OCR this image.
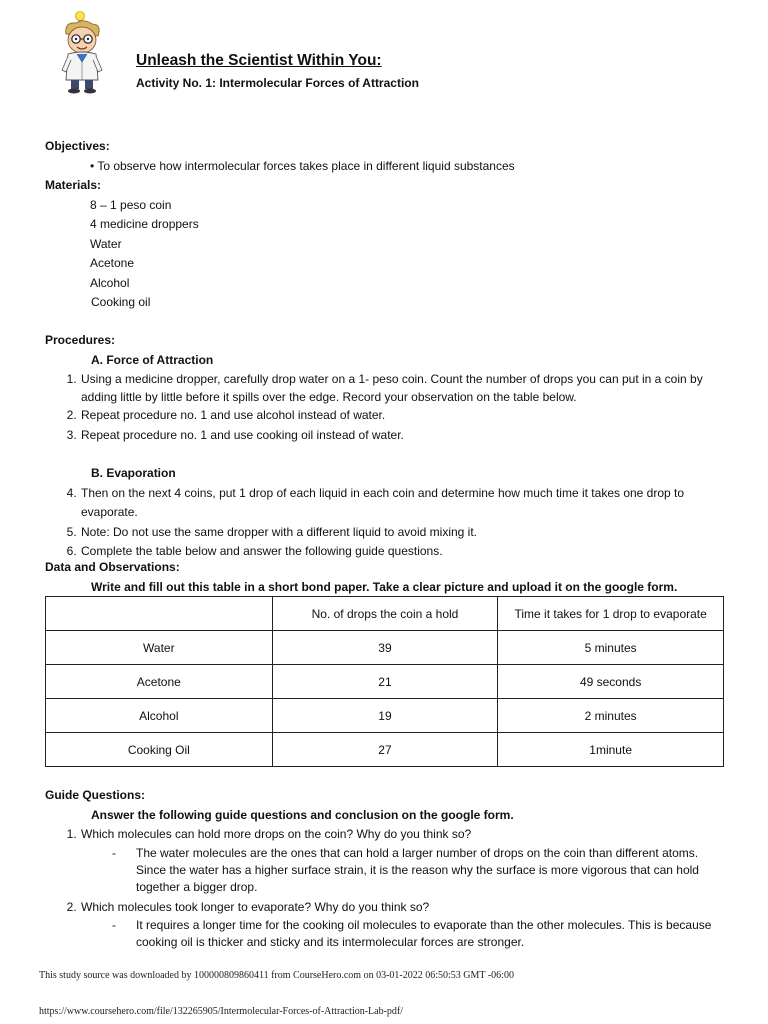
Unleash the Scientist Within You:
Activity No. 1: Intermolecular Forces of Attraction
Objectives:
• To observe how intermolecular forces takes place in different liquid substances
Materials:
8 – 1 peso coin
4 medicine droppers
Water
Acetone
Alcohol
Cooking oil
Procedures:
A. Force of Attraction
1. Using a medicine dropper, carefully drop water on a 1- peso coin. Count the number of drops you can put in a coin by adding little by little before it spills over the edge. Record your observation on the table below.
2. Repeat procedure no. 1 and use alcohol instead of water.
3. Repeat procedure no. 1 and use cooking oil instead of water.
B. Evaporation
4. Then on the next 4 coins, put 1 drop of each liquid in each coin and determine how much time it takes one drop to evaporate.
5. Note: Do not use the same dropper with a different liquid to avoid mixing it.
6. Complete the table below and answer the following guide questions.
Data and Observations:
Write and fill out this table in a short bond paper. Take a clear picture and upload it on the google form.
	No. of drops the coin a hold	Time it takes for 1 drop to evaporate
Water	39	5 minutes
Acetone	21	49 seconds
Alcohol	19	2 minutes
Cooking Oil	27	1minute
Guide Questions:
Answer the following guide questions and conclusion on the google form.
1. Which molecules can hold more drops on the coin? Why do you think so?
-	The water molecules are the ones that can hold a larger number of drops on the coin than different atoms. Since the water has a higher surface strain, it is the reason why the surface is more vigorous that can hold together a bigger drop.
2. Which molecules took longer to evaporate? Why do you think so?
-	It requires a longer time for the cooking oil molecules to evaporate than the other molecules. This is because cooking oil is thicker and sticky and its intermolecular forces are stronger.
This study source was downloaded by 100000809860411 from CourseHero.com on 03-01-2022 06:50:53 GMT -06:00
https://www.coursehero.com/file/132265905/Intermolecular-Forces-of-Attraction-Lab-pdf/
